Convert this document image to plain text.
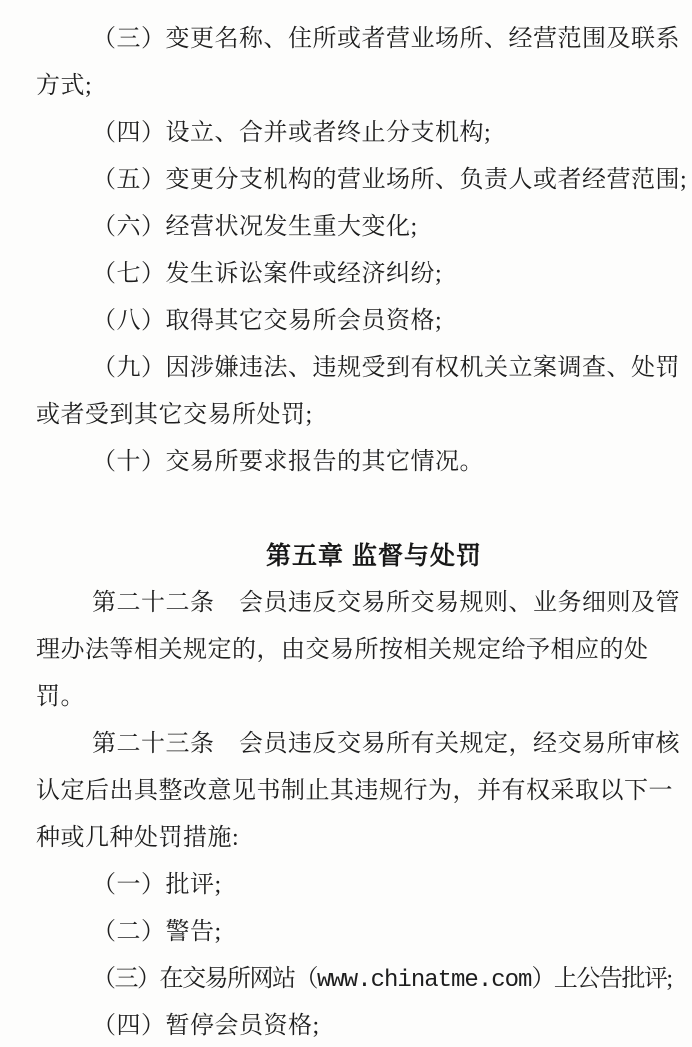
（三）变更名称、住所或者营业场所、经营范围及联系
方式;
（四）设立、合并或者终止分支机构;
（五）变更分支机构的营业场所、负责人或者经营范围;
（六）经营状况发生重大变化;
（七）发生诉讼案件或经济纠纷;
（八）取得其它交易所会员资格;
（九）因涉嫌违法、违规受到有权机关立案调查、处罚
或者受到其它交易所处罚;
（十）交易所要求报告的其它情况。
第五章 监督与处罚
第二十二条　会员违反交易所交易规则、业务细则及管
理办法等相关规定的，由交易所按相关规定给予相应的处
罚。
第二十三条　会员违反交易所有关规定，经交易所审核
认定后出具整改意见书制止其违规行为，并有权采取以下一
种或几种处罚措施:
（一）批评;
（二）警告;
（三）在交易所网站（www.chinatme.com）上公告批评;
（四）暂停会员资格;
